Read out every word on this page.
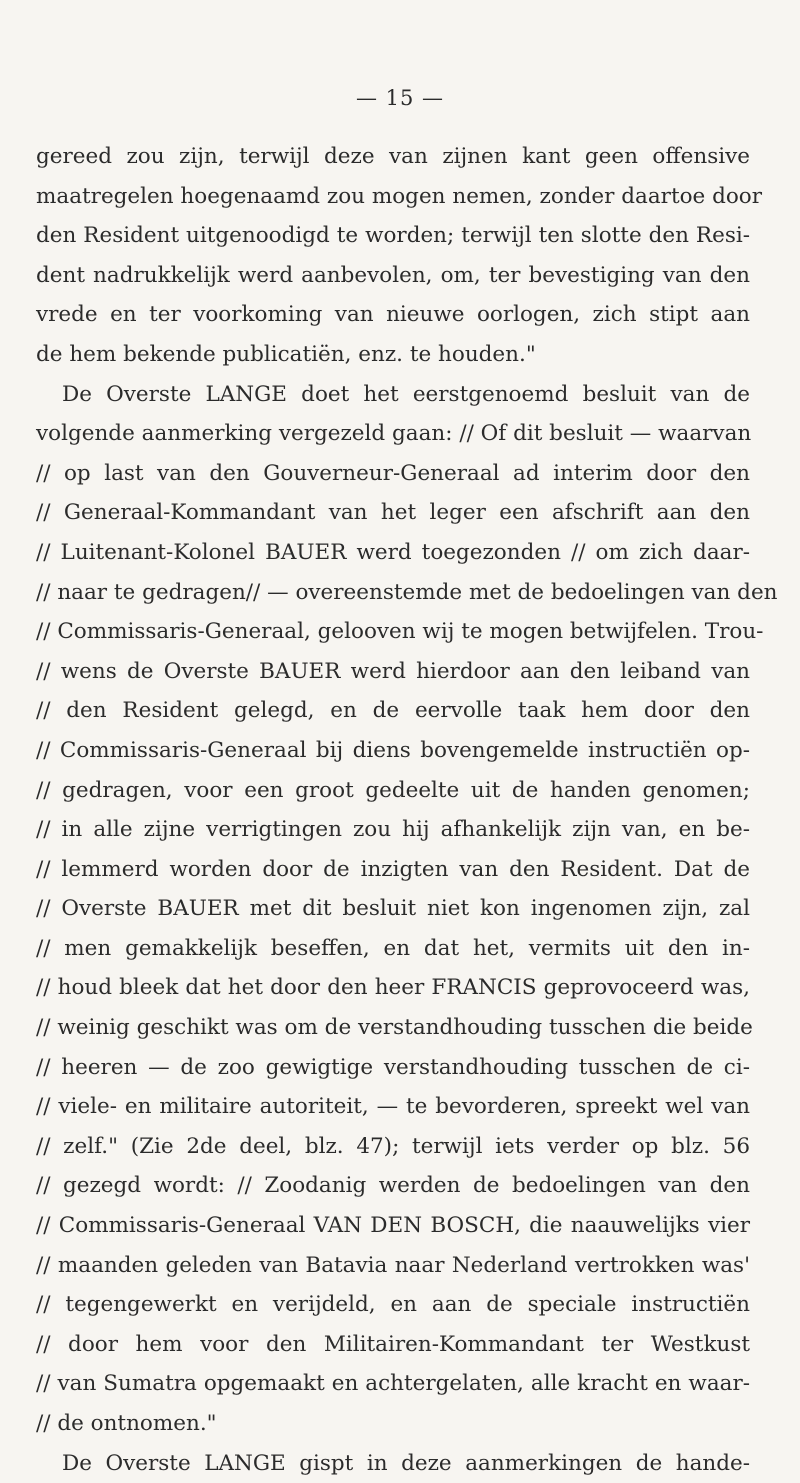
— 15 —
gereed zou zijn, terwijl deze van zijnen kant geen offensive
maatregelen hoegenaamd zou mogen nemen, zonder daartoe door
den Resident uitgenoodigd te worden; terwijl ten slotte den Resi-
dent nadrukkelijk werd aanbevolen, om, ter bevestiging van den
vrede en ter voorkoming van nieuwe oorlogen, zich stipt aan
de hem bekende publicatiën, enz. te houden."
De Overste LANGE doet het eerstgenoemd besluit van de
volgende aanmerking vergezeld gaan: // Of dit besluit — waarvan
// op last van den Gouverneur-Generaal ad interim door den
// Generaal-Kommandant van het leger een afschrift aan den
// Luitenant-Kolonel BAUER werd toegezonden // om zich daar-
// naar te gedragen// — overeenstemde met de bedoelingen van den
// Commissaris-Generaal, gelooven wij te mogen betwijfelen. Trou-
// wens de Overste BAUER werd hierdoor aan den leiband van
// den Resident gelegd, en de eervolle taak hem door den
// Commissaris-Generaal bij diens bovengemelde instructiën op-
// gedragen, voor een groot gedeelte uit de handen genomen;
// in alle zijne verrigtingen zou hij afhankelijk zijn van, en be-
// lemmerd worden door de inzigten van den Resident. Dat de
// Overste BAUER met dit besluit niet kon ingenomen zijn, zal
// men gemakkelijk beseffen, en dat het, vermits uit den in-
// houd bleek dat het door den heer FRANCIS geprovoceerd was,
// weinig geschikt was om de verstandhouding tusschen die beide
// heeren — de zoo gewigtige verstandhouding tusschen de ci-
// viele- en militaire autoriteit, — te bevorderen, spreekt wel van
// zelf." (Zie 2de deel, blz. 47); terwijl iets verder op blz. 56
// gezegd wordt: // Zoodanig werden de bedoelingen van den
// Commissaris-Generaal VAN DEN BOSCH, die naauwelijks vier
// maanden geleden van Batavia naar Nederland vertrokken was'
// tegengewerkt en verijdeld, en aan de speciale instructiën
// door hem voor den Militairen-Kommandant ter Westkust
// van Sumatra opgemaakt en achtergelaten, alle kracht en waar-
// de ontnomen."
De Overste LANGE gispt in deze aanmerkingen de hande-
